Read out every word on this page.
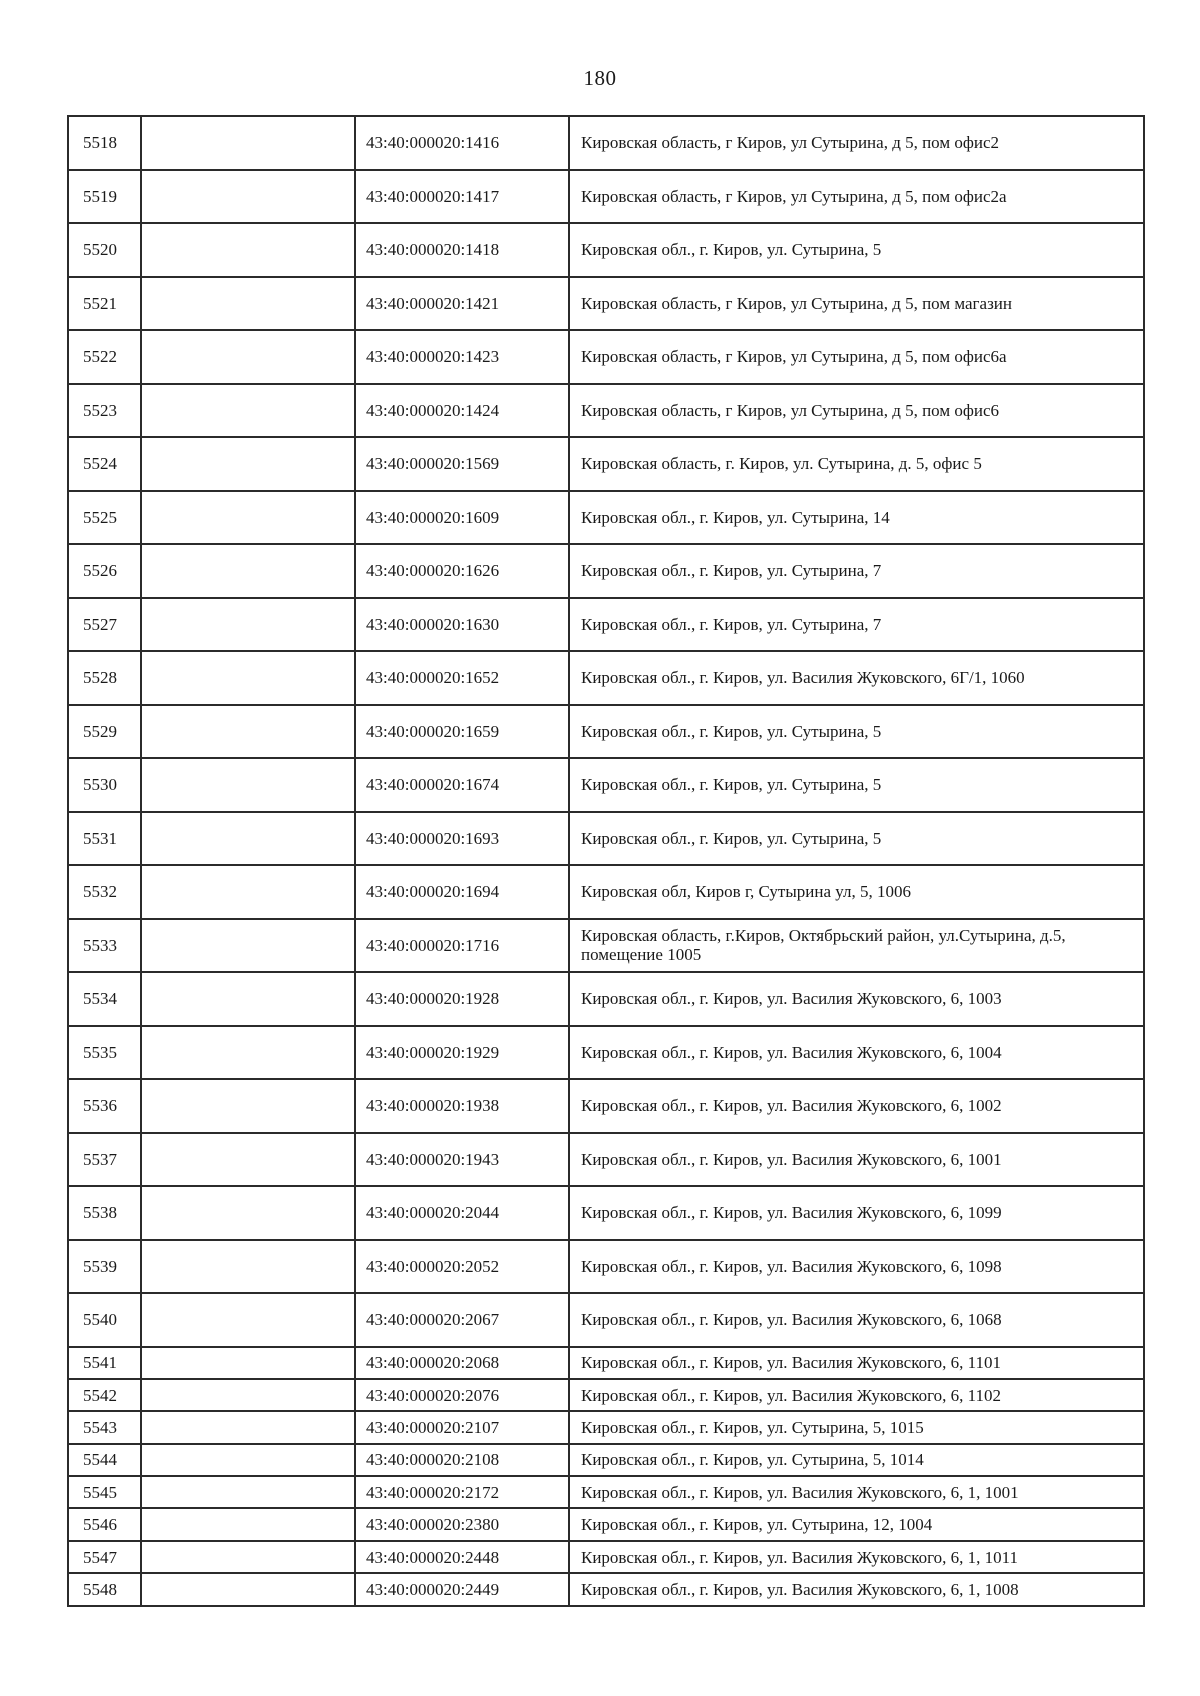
180
5518		43:40:000020:1416	Кировская область, г Киров, ул Сутырина, д 5, пом офис2
5519		43:40:000020:1417	Кировская область, г Киров, ул Сутырина, д 5, пом офис2а
5520		43:40:000020:1418	Кировская обл., г. Киров, ул. Сутырина, 5
5521		43:40:000020:1421	Кировская область, г Киров, ул Сутырина, д 5, пом магазин
5522		43:40:000020:1423	Кировская область, г Киров, ул Сутырина, д 5, пом офис6а
5523		43:40:000020:1424	Кировская область, г Киров, ул Сутырина, д 5, пом офис6
5524		43:40:000020:1569	Кировская область, г. Киров, ул. Сутырина, д. 5, офис 5
5525		43:40:000020:1609	Кировская обл., г. Киров, ул. Сутырина, 14
5526		43:40:000020:1626	Кировская обл., г. Киров, ул. Сутырина, 7
5527		43:40:000020:1630	Кировская обл., г. Киров, ул. Сутырина, 7
5528		43:40:000020:1652	Кировская обл., г. Киров, ул. Василия Жуковского, 6Г/1, 1060
5529		43:40:000020:1659	Кировская обл., г. Киров, ул. Сутырина, 5
5530		43:40:000020:1674	Кировская обл., г. Киров, ул. Сутырина, 5
5531		43:40:000020:1693	Кировская обл., г. Киров, ул. Сутырина, 5
5532		43:40:000020:1694	Кировская обл, Киров г, Сутырина ул, 5, 1006
5533		43:40:000020:1716	Кировская область, г.Киров, Октябрьский район, ул.Сутырина, д.5, помещение 1005
5534		43:40:000020:1928	Кировская обл., г. Киров, ул. Василия Жуковского, 6, 1003
5535		43:40:000020:1929	Кировская обл., г. Киров, ул. Василия Жуковского, 6, 1004
5536		43:40:000020:1938	Кировская обл., г. Киров, ул. Василия Жуковского, 6, 1002
5537		43:40:000020:1943	Кировская обл., г. Киров, ул. Василия Жуковского, 6, 1001
5538		43:40:000020:2044	Кировская обл., г. Киров, ул. Василия Жуковского, 6, 1099
5539		43:40:000020:2052	Кировская обл., г. Киров, ул. Василия Жуковского, 6, 1098
5540		43:40:000020:2067	Кировская обл., г. Киров, ул. Василия Жуковского, 6, 1068
5541		43:40:000020:2068	Кировская обл., г. Киров, ул. Василия Жуковского, 6, 1101
5542		43:40:000020:2076	Кировская обл., г. Киров, ул. Василия Жуковского, 6, 1102
5543		43:40:000020:2107	Кировская обл., г. Киров, ул. Сутырина, 5, 1015
5544		43:40:000020:2108	Кировская обл., г. Киров, ул. Сутырина, 5, 1014
5545		43:40:000020:2172	Кировская обл., г. Киров, ул. Василия Жуковского, 6, 1, 1001
5546		43:40:000020:2380	Кировская обл., г. Киров, ул. Сутырина, 12, 1004
5547		43:40:000020:2448	Кировская обл., г. Киров, ул. Василия Жуковского, 6, 1, 1011
5548		43:40:000020:2449	Кировская обл., г. Киров, ул. Василия Жуковского, 6, 1, 1008
